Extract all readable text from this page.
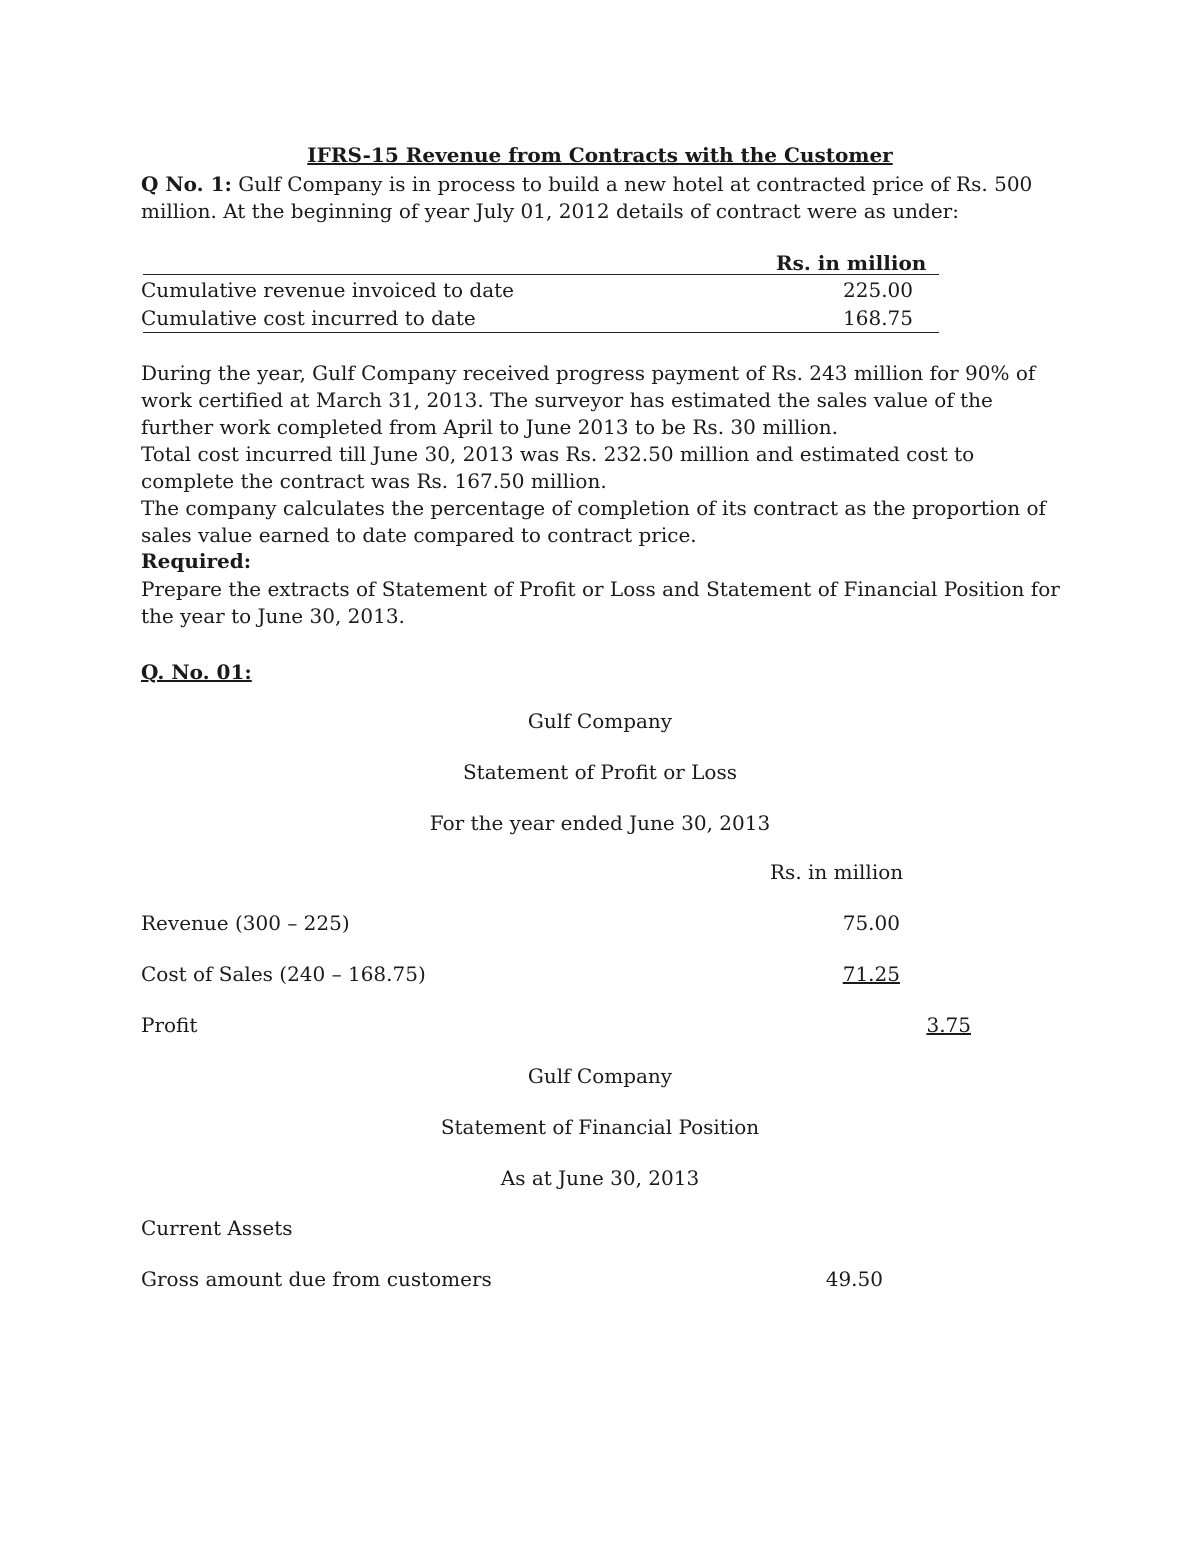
IFRS-15 Revenue from Contracts with the Customer
Q No. 1: Gulf Company is in process to build a new hotel at contracted price of Rs. 500 million. At the beginning of year July 01, 2012 details of contract were as under:
Rs. in million
Cumulative revenue invoiced to date	225.00
Cumulative cost incurred to date	168.75
During the year, Gulf Company received progress payment of Rs. 243 million for 90% of work certified at March 31, 2013. The surveyor has estimated the sales value of the further work completed from April to June 2013 to be Rs. 30 million.
Total cost incurred till June 30, 2013 was Rs. 232.50 million and estimated cost to complete the contract was Rs. 167.50 million.
The company calculates the percentage of completion of its contract as the proportion of sales value earned to date compared to contract price.
Required:
Prepare the extracts of Statement of Profit or Loss and Statement of Financial Position for the year to June 30, 2013.
Q. No. 01:
Gulf Company
Statement of Profit or Loss
For the year ended June 30, 2013
Rs. in million
Revenue (300 – 225)	75.00
Cost of Sales (240 – 168.75)	71.25
Profit	3.75
Gulf Company
Statement of Financial Position
As at June 30, 2013
Current Assets
Gross amount due from customers	49.50
